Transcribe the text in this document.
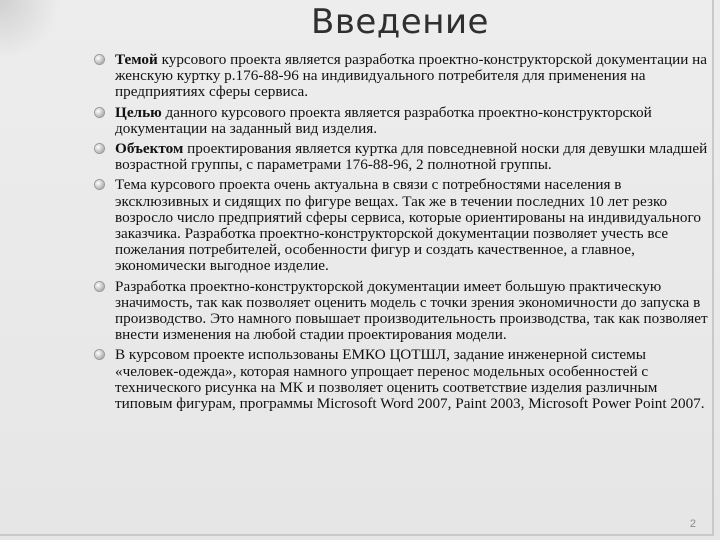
Введение
Темой курсового проекта является разработка проектно-конструкторской документации на женскую куртку р.176-88-96 на индивидуального потребителя для применения на предприятиях сферы сервиса.
Целью данного курсового проекта является разработка проектно-конструкторской документации на заданный вид изделия.
Объектом проектирования является куртка для повседневной носки для девушки младшей возрастной группы, с параметрами 176-88-96, 2 полнотной группы.
Тема курсового проекта очень актуальна в связи с потребностями населения в эксклюзивных и сидящих по фигуре вещах. Так же в течении последних 10 лет резко возросло число предприятий сферы сервиса, которые ориентированы на индивидуального заказчика. Разработка проектно-конструкторской документации позволяет учесть все пожелания потребителей, особенности фигур и создать качественное, а главное, экономически выгодное изделие.
Разработка проектно-конструкторской документации имеет большую практическую значимость, так как позволяет оценить модель с точки зрения экономичности до запуска в производство. Это намного повышает производительность производства, так как позволяет внести изменения на любой стадии проектирования модели.
В курсовом проекте использованы ЕМКО ЦОТШЛ, задание инженерной системы «человек-одежда», которая намного упрощает перенос модельных особенностей с технического рисунка на МК и позволяет оценить соответствие изделия различным типовым фигурам, программы Microsoft Word 2007, Paint 2003, Microsoft Power Point 2007.
2
